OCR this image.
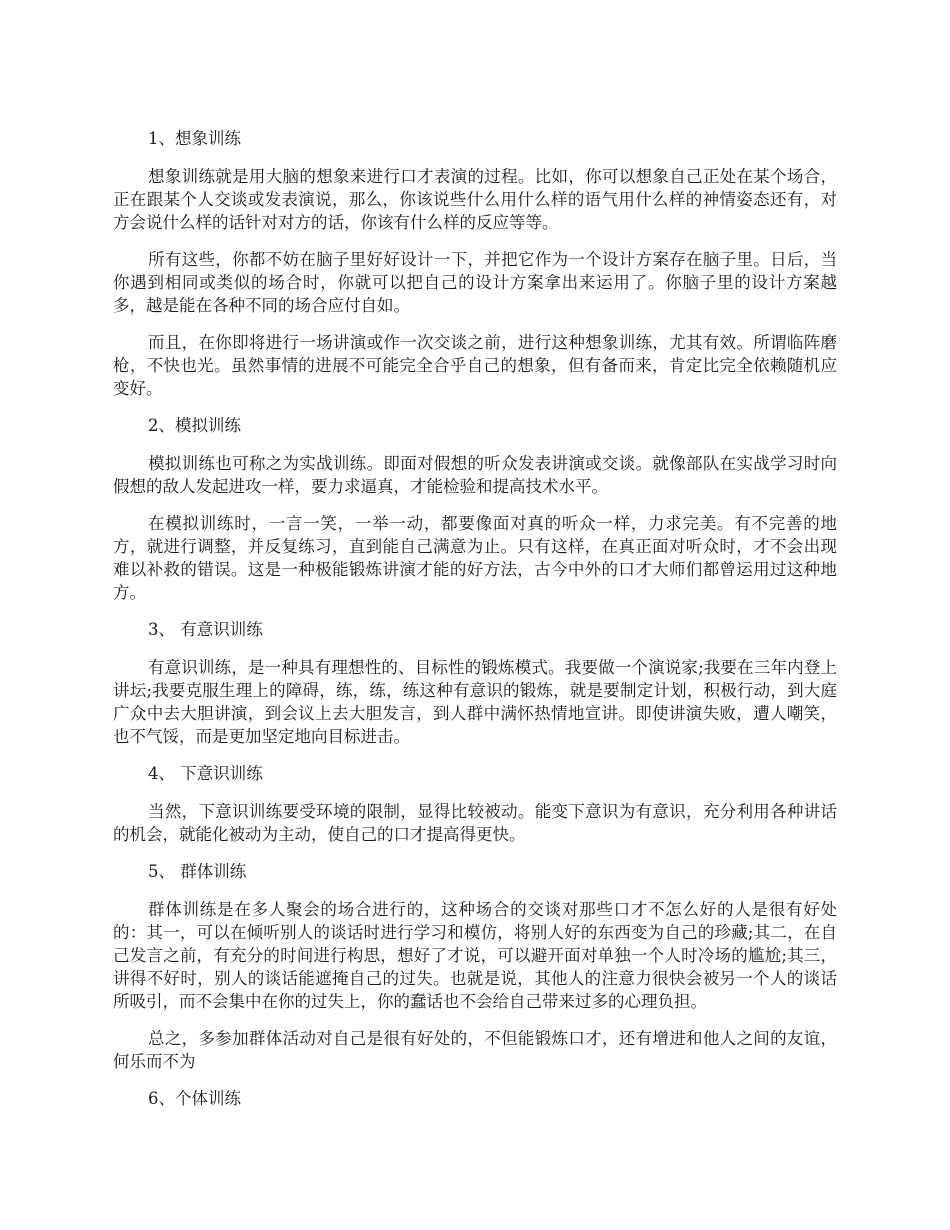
1、想象训练

想象训练就是用大脑的想象来进行口才表演的过程。比如，你可以想象自己正处在某个场合，正在跟某个人交谈或发表演说，那么，你该说些什么用什么样的语气用什么样的神情姿态还有，对方会说什么样的话针对对方的话，你该有什么样的反应等等。

所有这些，你都不妨在脑子里好好设计一下，并把它作为一个设计方案存在脑子里。日后，当你遇到相同或类似的场合时，你就可以把自己的设计方案拿出来运用了。你脑子里的设计方案越多，越是能在各种不同的场合应付自如。

而且，在你即将进行一场讲演或作一次交谈之前，进行这种想象训练，尤其有效。所谓临阵磨枪，不快也光。虽然事情的进展不可能完全合乎自己的想象，但有备而来，肯定比完全依赖随机应变好。

2、模拟训练

模拟训练也可称之为实战训练。即面对假想的听众发表讲演或交谈。就像部队在实战学习时向假想的敌人发起进攻一样，要力求逼真，才能检验和提高技术水平。

在模拟训练时，一言一笑，一举一动，都要像面对真的听众一样，力求完美。有不完善的地方，就进行调整，并反复练习，直到能自己满意为止。只有这样，在真正面对听众时，才不会出现难以补救的错误。这是一种极能锻炼讲演才能的好方法，古今中外的口才大师们都曾运用过这种地方。

3、 有意识训练

有意识训练，是一种具有理想性的、目标性的锻炼模式。我要做一个演说家;我要在三年内登上讲坛;我要克服生理上的障碍，练，练，练这种有意识的锻炼，就是要制定计划，积极行动，到大庭广众中去大胆讲演，到会议上去大胆发言，到人群中满怀热情地宣讲。即使讲演失败，遭人嘲笑，也不气馁，而是更加坚定地向目标进击。

4、 下意识训练

当然，下意识训练要受环境的限制，显得比较被动。能变下意识为有意识，充分利用各种讲话的机会，就能化被动为主动，使自己的口才提高得更快。

5、 群体训练

群体训练是在多人聚会的场合进行的，这种场合的交谈对那些口才不怎么好的人是很有好处的：其一，可以在倾听别人的谈话时进行学习和模仿，将别人好的东西变为自己的珍藏;其二，在自己发言之前，有充分的时间进行构思，想好了才说，可以避开面对单独一个人时冷场的尴尬;其三，讲得不好时，别人的谈话能遮掩自己的过失。也就是说，其他人的注意力很快会被另一个人的谈话所吸引，而不会集中在你的过失上，你的蠢话也不会给自己带来过多的心理负担。

总之，多参加群体活动对自己是很有好处的，不但能锻炼口才，还有增进和他人之间的友谊，何乐而不为

6、个体训练
